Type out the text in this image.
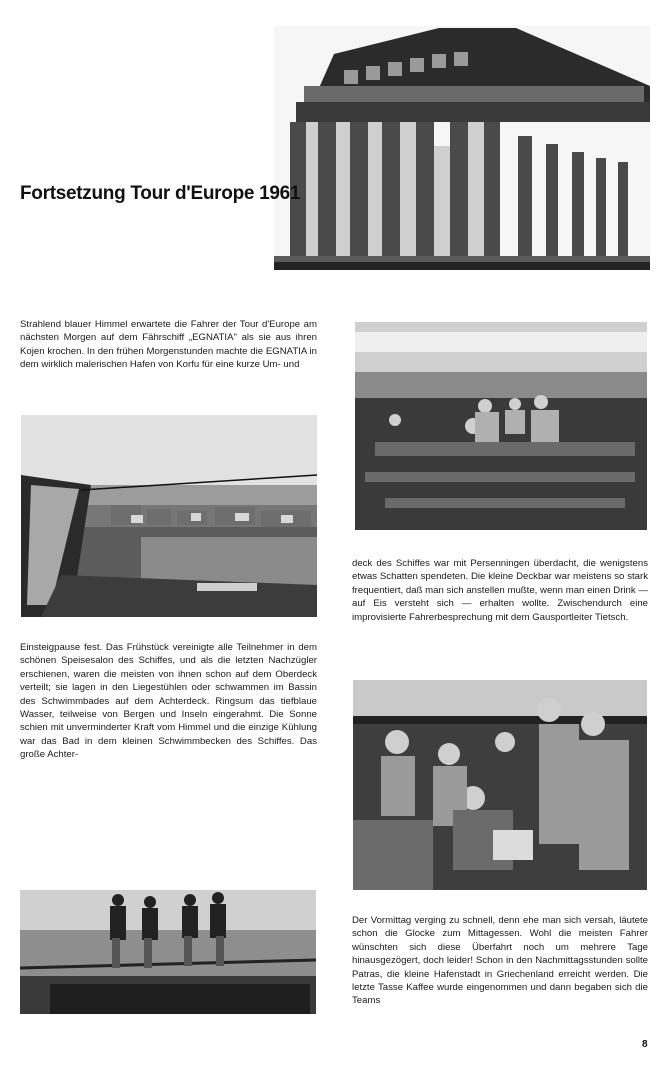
Fortsetzung Tour d'Europe 1961

Strahlend blauer Himmel erwartete die Fahrer der Tour d'Europe am nächsten Morgen auf dem Fährschiff „EGNATIA" als sie aus ihren Kojen krochen. In den frühen Morgenstunden machte die EGNATIA in dem wirklich malerischen Hafen von Korfu für eine kurze Um- und

Einsteigpause fest. Das Frühstück vereinigte alle Teilnehmer in dem schönen Speisesalon des Schiffes, und als die letzten Nachzügler erschienen, waren die meisten von ihnen schon auf dem Oberdeck verteilt; sie lagen in den Liegestühlen oder schwammen im Bassin des Schwimmbades auf dem Achterdeck. Ringsum das tiefblaue Wasser, teilweise von Bergen und Inseln eingerahmt. Die Sonne schien mit unverminderter Kraft vom Himmel und die einzige Kühlung war das Bad in dem kleinen Schwimmbecken des Schiffes. Das große Achter-

deck des Schiffes war mit Persenningen überdacht, die wenigstens etwas Schatten spendeten. Die kleine Deckbar war meistens so stark frequentiert, daß man sich anstellen mußte, wenn man einen Drink — auf Eis versteht sich — erhalten wollte. Zwischendurch eine improvisierte Fahrerbesprechung mit dem Gausportleiter Tietsch.

Der Vormittag verging zu schnell, denn ehe man sich versah, läutete schon die Glocke zum Mittagessen. Wohl die meisten Fahrer wünschten sich diese Überfahrt noch um mehrere Tage hinausgezögert, doch leider! Schon in den Nachmittagsstunden sollte Patras, die kleine Hafenstadt in Griechenland erreicht werden. Die letzte Tasse Kaffee wurde eingenommen und dann begaben sich die Teams

8
